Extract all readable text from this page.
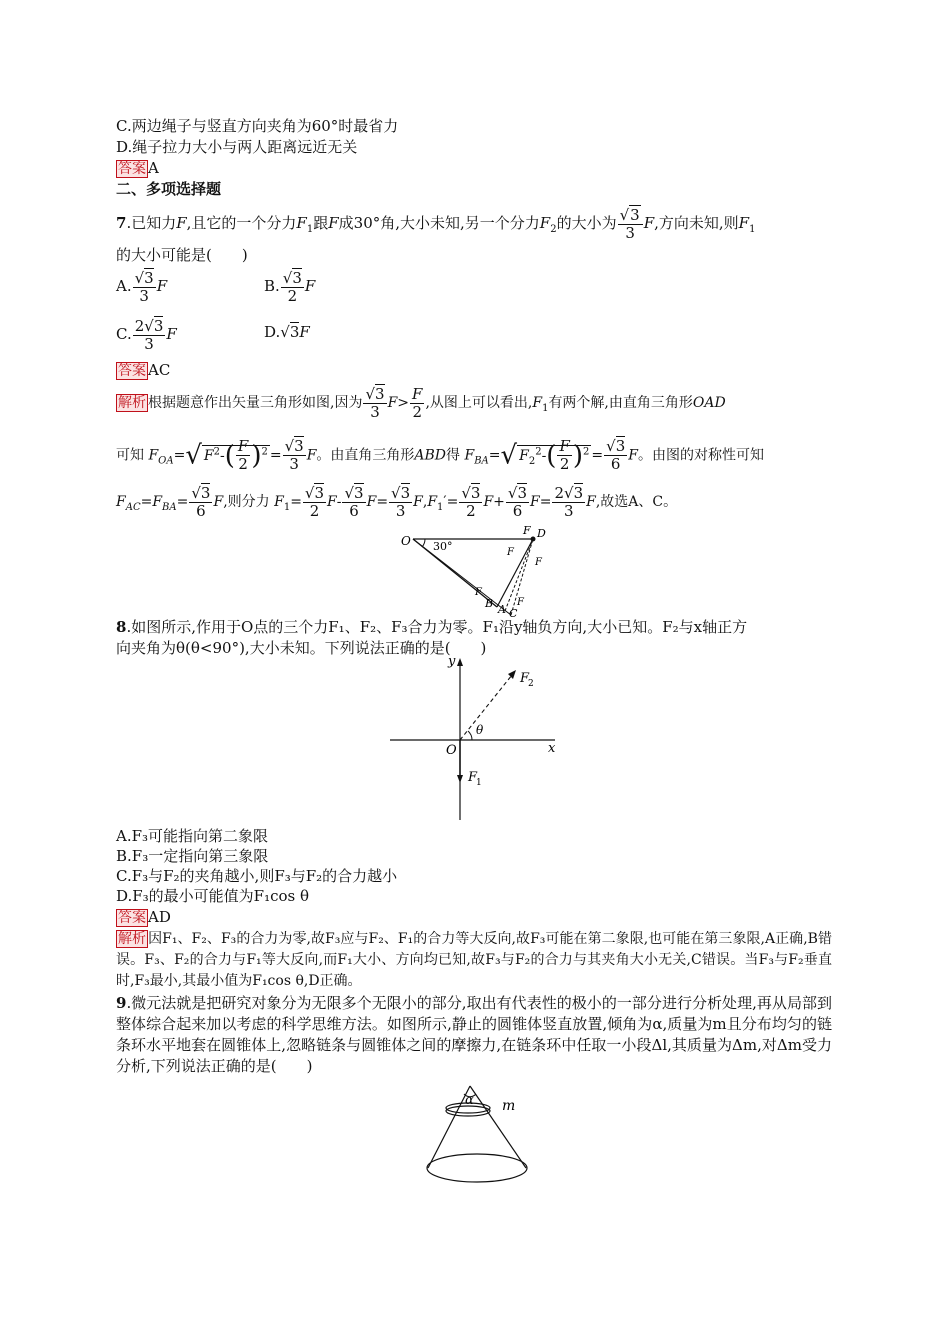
C.两边绳子与竖直方向夹角为60°时最省力
D.绳子拉力大小与两人距离远近无关
答案 A
二、多项选择题
7.已知力F,且它的一个分力$F_1$跟F成30°角,大小未知,另一个分力$F_2$的大小为 $\frac{√3}{3} F$,方向未知,则$F_1$
的大小可能是(　　)
A. $\frac{√3}{3}$ F	B. $\frac{√3}{2}$ F
C. $\frac{2√3}{3}$ F	D.√3F
答案 AC
解析 根据题意作出矢量三角形如图,因为 $\frac{√3}{3} F> \frac{F}{2}$ ,从图上可以看出$,F_1$有两个解,由直角三角形OAD
可知 $F_{OA}=√$ $F^2-( \frac{F}{2} )^2 = \frac{√3}{3}$ F。由直角三角形ABD得 $F_{BA}=√$ $F_2^2-( \frac{F}{2} )^2 = \frac{√3}{6}$ F。由图的对称性可知
$F_{AC}=F_{BA}= \frac{√3}{6} F$,则分力 $F_1= \frac{√3}{2} F- \frac{√3}{6} F= \frac{√3}{3} F,F_1'= \frac{√3}{2} F+ \frac{√3}{6} F= \frac{2√3}{3} F$,故选A、C。
O 30°
F D
F
F
F
F
B A C
8.如图所示,作用于O点的三个力F₁、F₂、F₃合力为零。F₁沿y轴负方向,大小已知。F₂与x轴正方
向夹角为θ(θ<90°),大小未知。下列说法正确的是(　　)
y
x
O
θ
F
2
F
1
A.F₃可能指向第二象限
B.F₃一定指向第三象限
C.F₃与F₂的夹角越小,则F₃与F₂的合力越小
D.F₃的最小可能值为F₁cos θ
答案 AD
解析 因F₁、F₂、F₃的合力为零,故F₃应与F₂、F₁的合力等大反向,故F₃可能在第二象限,也可能在第三象限,A正确,B错误。F₃、F₂的合力与F₁等大反向,而F₁大小、方向均已知,故F₃与F₂的合力与其夹角大小无关,C错误。当F₃与F₂垂直时,F₃最小,其最小值为F₁cos θ,D正确。
9.微元法就是把研究对象分为无限多个无限小的部分,取出有代表性的极小的一部分进行分析处理,再从局部到整体综合起来加以考虑的科学思维方法。如图所示,静止的圆锥体竖直放置,倾角为α,质量为m且分布均匀的链条环水平地套在圆锥体上,忽略链条与圆锥体之间的摩擦力,在链条环中任取一小段Δl,其质量为Δm,对Δm受力分析,下列说法正确的是(　　)
α m
